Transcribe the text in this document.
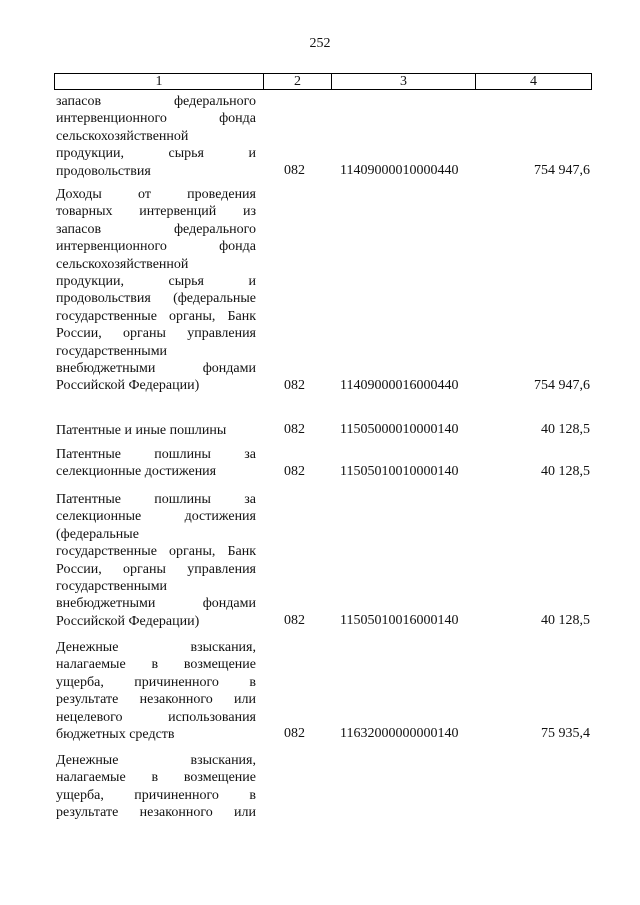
252
1	2	3	4
запасов федерального
интервенционного фонда
сельскохозяйственной
продукции, сырья и
продовольствия	082	11409000010000440	754 947,6
Доходы от проведения
товарных интервенций из
запасов федерального
интервенционного фонда
сельскохозяйственной
продукции, сырья и
продовольствия (федеральные
государственные органы, Банк
России, органы управления
государственными
внебюджетными фондами
Российской Федерации)	082	11409000016000440	754 947,6
Патентные и иные пошлины	082	11505000010000140	40 128,5
Патентные пошлины за
селекционные достижения	082	11505010010000140	40 128,5
Патентные пошлины за
селекционные достижения
(федеральные
государственные органы, Банк
России, органы управления
государственными
внебюджетными фондами
Российской Федерации)	082	11505010016000140	40 128,5
Денежные взыскания,
налагаемые в возмещение
ущерба, причиненного в
результате незаконного или
нецелевого использования
бюджетных средств	082	11632000000000140	75 935,4
Денежные взыскания,
налагаемые в возмещение
ущерба, причиненного в
результате незаконного или
